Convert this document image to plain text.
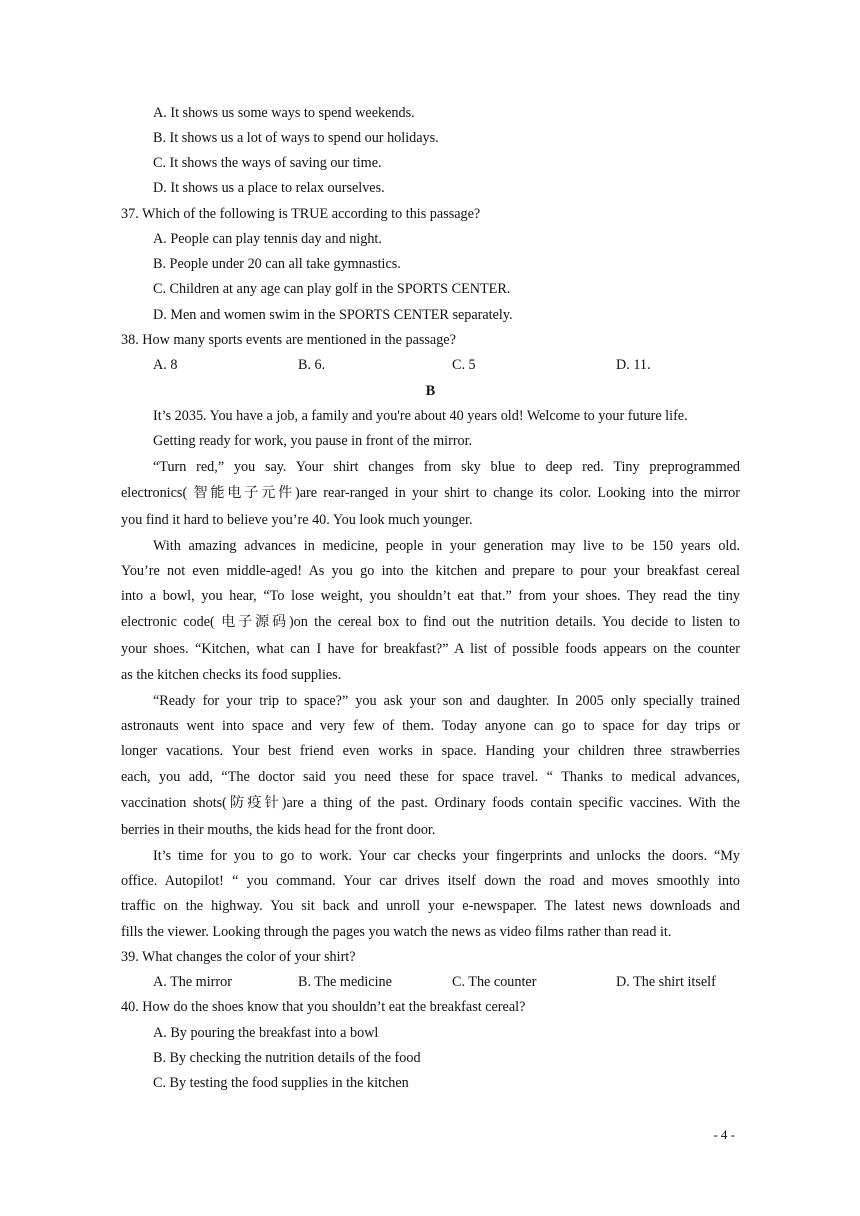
A. It shows us some ways to spend weekends.
B. It shows us a lot of ways to spend our holidays.
C. It shows the ways of saving our time.
D. It shows us a place to relax ourselves.
37. Which of the following is TRUE according to this passage?
A. People can play tennis day and night.
B. People under 20 can all take gymnastics.
C. Children at any age can play golf in the SPORTS CENTER.
D. Men and women swim in the SPORTS CENTER separately.
38. How many sports events are mentioned in the passage?
A. 8	B. 6.	C. 5	D. 11.
B
It’s 2035. You have a job, a family and you're about 40 years old! Welcome to your future life.
Getting ready for work, you pause in front of the mirror.
“Turn red,” you say. Your shirt changes from sky blue to deep red. Tiny preprogrammed
electronics( 智能电子元件)are rear-ranged in your shirt to change its color. Looking into the mirror
you find it hard to believe you’re 40. You look much younger.
With amazing advances in medicine, people in your generation may live to be 150 years old.
You’re not even middle-aged! As you go into the kitchen and prepare to pour your breakfast cereal
into a bowl, you hear, “To lose weight, you shouldn’t eat that.” from your shoes. They read the tiny
electronic code( 电子源码)on the cereal box to find out the nutrition details. You decide to listen to
your shoes. “Kitchen, what can I have for breakfast?” A list of possible foods appears on the counter
as the kitchen checks its food supplies.
“Ready for your trip to space?” you ask your son and daughter. In 2005 only specially trained
astronauts went into space and very few of them. Today anyone can go to space for day trips or
longer vacations. Your best friend even works in space. Handing your children three strawberries
each, you add, “The doctor said you need these for space travel. “ Thanks to medical advances,
vaccination shots(防疫针)are a thing of the past. Ordinary foods contain specific vaccines. With the
berries in their mouths, the kids head for the front door.
It’s time for you to go to work. Your car checks your fingerprints and unlocks the doors. “My
office. Autopilot! “ you command. Your car drives itself down the road and moves smoothly into
traffic on the highway. You sit back and unroll your e-newspaper. The latest news downloads and
fills the viewer. Looking through the pages you watch the news as video films rather than read it.
39. What changes the color of your shirt?
A. The mirror	B. The medicine	C. The counter	D. The shirt itself
40. How do the shoes know that you shouldn’t eat the breakfast cereal?
A. By pouring the breakfast into a bowl
B. By checking the nutrition details of the food
C. By testing the food supplies in the kitchen
- 4 -
